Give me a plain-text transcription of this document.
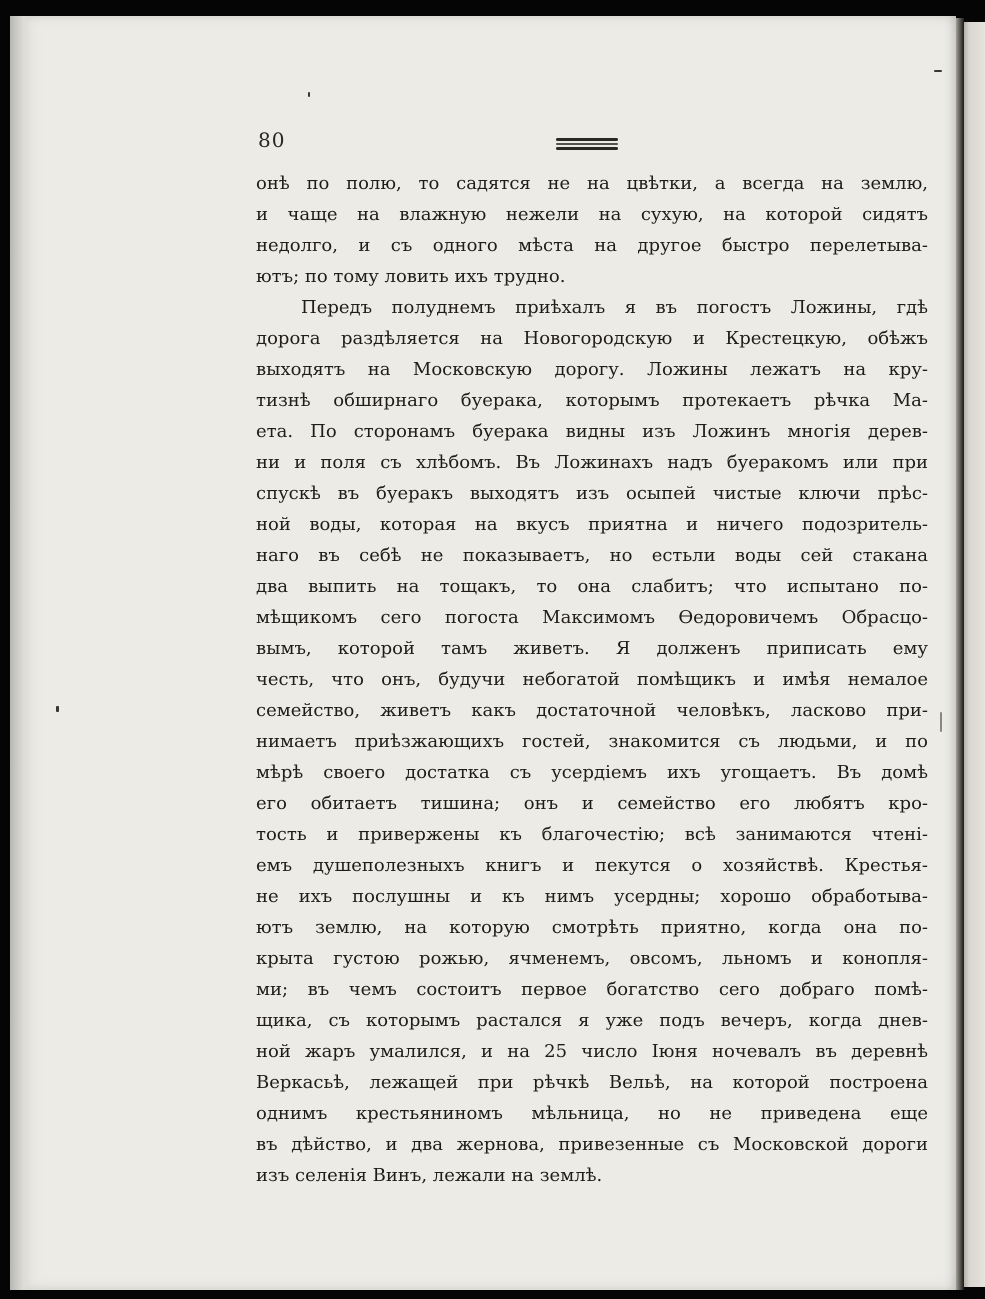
80
онѣ по полю, то садятся не на цвѣтки, а всегда на землю,
и чаще на влажную нежели на сухую, на которой сидятъ
недолго, и съ одного мѣста на другое быстро перелетыва-
ютъ; по тому ловить ихъ трудно.
Передъ полуднемъ приѣхалъ я въ погостъ Ложины, гдѣ
дорога раздѣляется на Новогородскую и Крестецкую, обѣжъ
выходятъ на Московскую дорогу. Ложины лежатъ на кру-
тизнѣ обширнаго буерака, которымъ протекаетъ рѣчка Ма-
ета. По сторонамъ буерака видны изъ Ложинъ многія дерев-
ни и поля съ хлѣбомъ. Въ Ложинахъ надъ буеракомъ или при
спускѣ въ буеракъ выходятъ изъ осыпей чистые ключи прѣс-
ной воды, которая на вкусъ приятна и ничего подозритель-
наго въ себѣ не показываетъ, но естьли воды сей стакана
два выпить на тощакъ, то она слабитъ; что испытано по-
мѣщикомъ сего погоста Максимомъ Өедоровичемъ Обрасцо-
вымъ, которой тамъ живетъ. Я долженъ приписать ему
честь, что онъ, будучи небогатой помѣщикъ и имѣя немалое
семейство, живетъ какъ достаточной человѣкъ, ласково при-
нимаетъ приѣзжающихъ гостей, знакомится съ людьми, и по
мѣрѣ своего достатка съ усердіемъ ихъ угощаетъ. Въ домѣ
его обитаетъ тишина; онъ и семейство его любятъ кро-
тость и привержены къ благочестію; всѣ занимаются чтені-
емъ душеполезныхъ книгъ и пекутся о хозяйствѣ. Крестья-
не ихъ послушны и къ нимъ усердны; хорошо обработыва-
ютъ землю, на которую смотрѣть приятно, когда она по-
крыта густою рожью, ячменемъ, овсомъ, льномъ и конопля-
ми; въ чемъ состоитъ первое богатство сего добраго помѣ-
щика, съ которымъ растался я уже подъ вечеръ, когда днев-
ной жаръ умалился, и на 25 число Іюня ночевалъ въ деревнѣ
Веркасьѣ, лежащей при рѣчкѣ Вельѣ, на которой построена
однимъ крестьяниномъ мѣльница, но не приведена еще
въ дѣйство, и два жернова, привезенные съ Московской дороги
изъ селенія Винъ, лежали на землѣ.
